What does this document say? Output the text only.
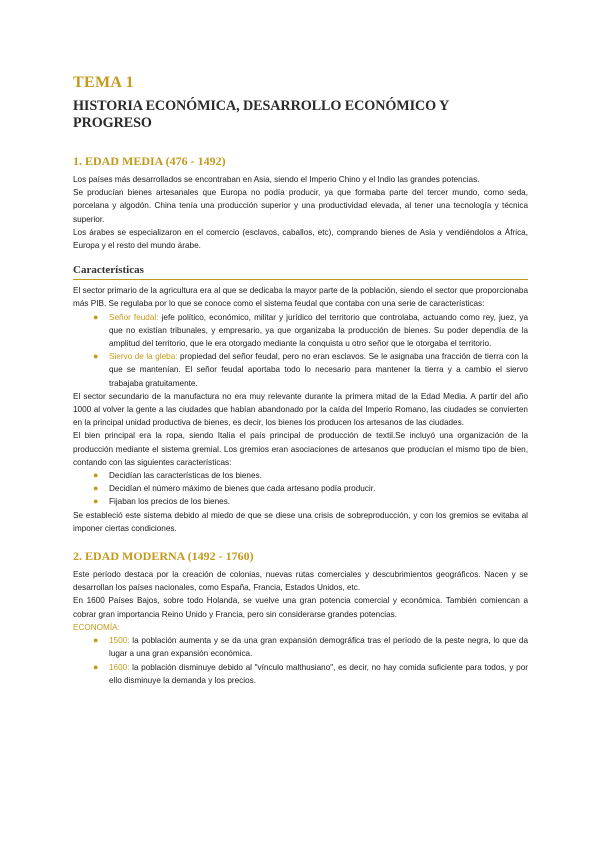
TEMA 1
HISTORIA ECONÓMICA, DESARROLLO ECONÓMICO Y PROGRESO
1. EDAD MEDIA (476 - 1492)

Los países más desarrollados se encontraban en Asia, siendo el Imperio Chino y el Indio las grandes potencias.

Se producían bienes artesanales que Europa no podía producir, ya que formaba parte del tercer mundo, como seda, porcelana y algodón. China tenía una producción superior y una productividad elevada, al tener una tecnología y técnica superior.

Los árabes se especializaron en el comercio (esclavos, caballos, etc), comprando bienes de Asia y vendiéndolos a África, Europa y el resto del mundo árabe.

Características

El sector primario de la agricultura era al que se dedicaba la mayor parte de la población, siendo el sector que proporcionaba más PIB. Se regulaba por lo que se conoce como el sistema feudal que contaba con una serie de características:

● Señor feudal: jefe político, económico, militar y jurídico del territorio que controlaba, actuando como rey, juez, ya que no existían tribunales, y empresario, ya que organizaba la producción de bienes. Su poder dependía de la amplitud del territorio, que le era otorgado mediante la conquista u otro señor que le otorgaba el territorio.
● Siervo de la gleba: propiedad del señor feudal, pero no eran esclavos. Se le asignaba una fracción de tierra con la que se mantenían. El señor feudal aportaba todo lo necesario para mantener la tierra y a cambio el siervo trabajaba gratuitamente.

El sector secundario de la manufactura no era muy relevante durante la primera mitad de la Edad Media. A partir del año 1000 al volver la gente a las ciudades que habían abandonado por la caída del Imperio Romano, las ciudades se convierten en la principal unidad productiva de bienes, es decir, los bienes los producen los artesanos de las ciudades.

El bien principal era la ropa, siendo Italia el país principal de producción de textil.Se incluyó una organización de la producción mediante el sistema gremial. Los gremios eran asociaciones de artesanos que producían el mismo tipo de bien, contando con las siguientes características:

● Decidían las características de los bienes.
● Decidían el número máximo de bienes que cada artesano podía producir.
● Fijaban los precios de los bienes.

Se estableció este sistema debido al miedo de que se diese una crisis de sobreproducción, y con los gremios se evitaba al imponer ciertas condiciones.

2. EDAD MODERNA (1492 - 1760)

Este período destaca por la creación de colonias, nuevas rutas comerciales y descubrimientos geográficos. Nacen y se desarrollan los países nacionales, como España, Francia, Estados Unidos, etc.

En 1600 Países Bajos, sobre todo Holanda, se vuelve una gran potencia comercial y económica. También comiencan a cobrar gran importancia Reino Unido y Francia, pero sin considerarse grandes potencias.

ECONOMÍA:

● 1500: la población aumenta y se da una gran expansión demográfica tras el período de la peste negra, lo que da lugar a una gran expansión económica.
● 1600: la población disminuye debido al "vínculo malthusiano", es decir, no hay comida suficiente para todos, y por ello disminuye la demanda y los precios.
